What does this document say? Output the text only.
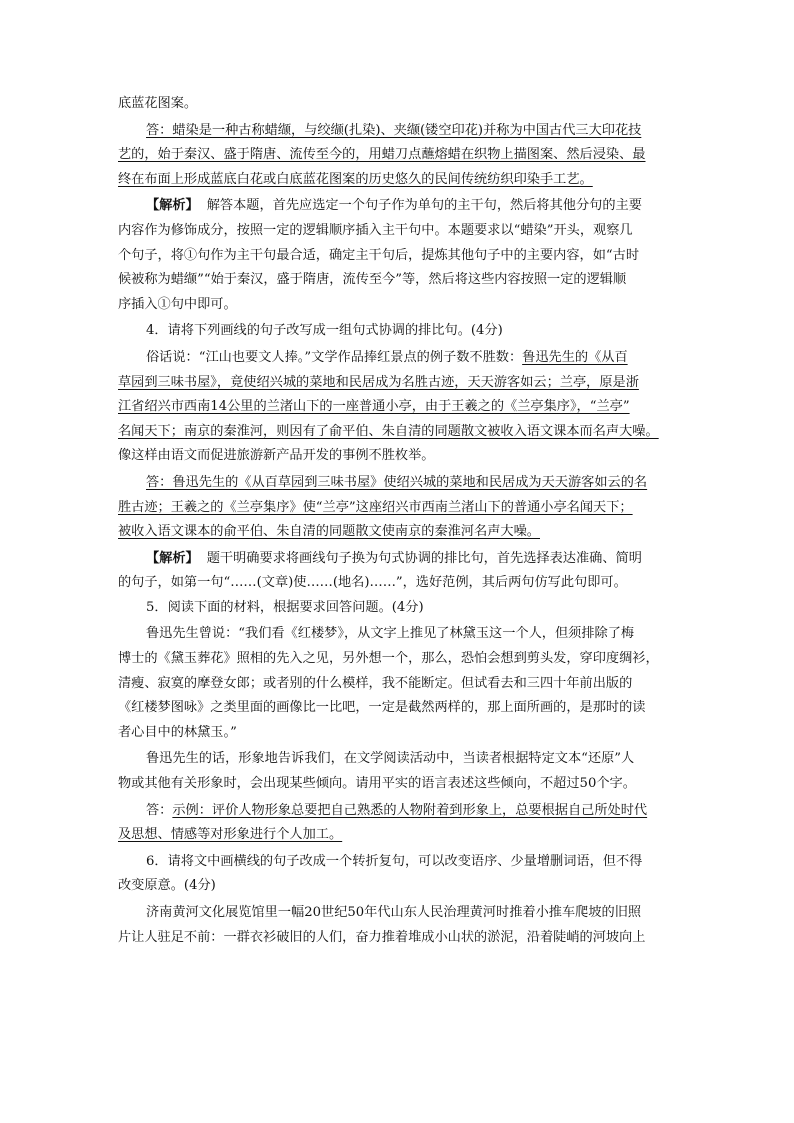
底蓝花图案。
答：蜡染是一种古称蜡缬，与绞缬(扎染)、夹缬(镂空印花)并称为中国古代三大印花技
艺的，始于秦汉、盛于隋唐、流传至今的，用蜡刀点蘸熔蜡在织物上描图案、然后浸染、最
终在布面上形成蓝底白花或白底蓝花图案的历史悠久的民间传统纺织印染手工艺。
【解析】 解答本题，首先应选定一个句子作为单句的主干句，然后将其他分句的主要
内容作为修饰成分，按照一定的逻辑顺序插入主干句中。本题要求以“蜡染”开头，观察几
个句子，将①句作为主干句最合适，确定主干句后，提炼其他句子中的主要内容，如“古时
候被称为蜡缬”“始于秦汉，盛于隋唐，流传至今”等，然后将这些内容按照一定的逻辑顺
序插入①句中即可。
4．请将下列画线的句子改写成一组句式协调的排比句。(4分)
俗话说：“江山也要文人捧。”文学作品捧红景点的例子数不胜数：鲁迅先生的《从百
草园到三味书屋》，竟使绍兴城的菜地和民居成为名胜古迹，天天游客如云；兰亭，原是浙
江省绍兴市西南14公里的兰渚山下的一座普通小亭，由于王羲之的《兰亭集序》，“兰亭”
名闻天下；南京的秦淮河，则因有了俞平伯、朱自清的同题散文被收入语文课本而名声大噪。
像这样由语文而促进旅游新产品开发的事例不胜枚举。
答：鲁迅先生的《从百草园到三味书屋》使绍兴城的菜地和民居成为天天游客如云的名
胜古迹；王羲之的《兰亭集序》使“兰亭”这座绍兴市西南兰渚山下的普通小亭名闻天下；
被收入语文课本的俞平伯、朱自清的同题散文使南京的秦淮河名声大噪。
【解析】 题干明确要求将画线句子换为句式协调的排比句，首先选择表达准确、简明
的句子，如第一句“……(文章)使……(地名)……”，选好范例，其后两句仿写此句即可。
5．阅读下面的材料，根据要求回答问题。(4分)
鲁迅先生曾说：“我们看《红楼梦》，从文字上推见了林黛玉这一个人，但须排除了梅
博士的《黛玉葬花》照相的先入之见，另外想一个，那么，恐怕会想到剪头发，穿印度绸衫，
清瘦、寂寞的摩登女郎；或者别的什么模样，我不能断定。但试看去和三四十年前出版的
《红楼梦图咏》之类里面的画像比一比吧，一定是截然两样的，那上面所画的，是那时的读
者心目中的林黛玉。”
鲁迅先生的话，形象地告诉我们，在文学阅读活动中，当读者根据特定文本“还原”人
物或其他有关形象时，会出现某些倾向。请用平实的语言表述这些倾向，不超过50个字。
答：示例：评价人物形象总要把自己熟悉的人物附着到形象上，总要根据自己所处时代
及思想、情感等对形象进行个人加工。
6．请将文中画横线的句子改成一个转折复句，可以改变语序、少量增删词语，但不得
改变原意。(4分)
济南黄河文化展览馆里一幅20世纪50年代山东人民治理黄河时推着小推车爬坡的旧照
片让人驻足不前：一群衣衫破旧的人们，奋力推着堆成小山状的淤泥，沿着陡峭的河坡向上
